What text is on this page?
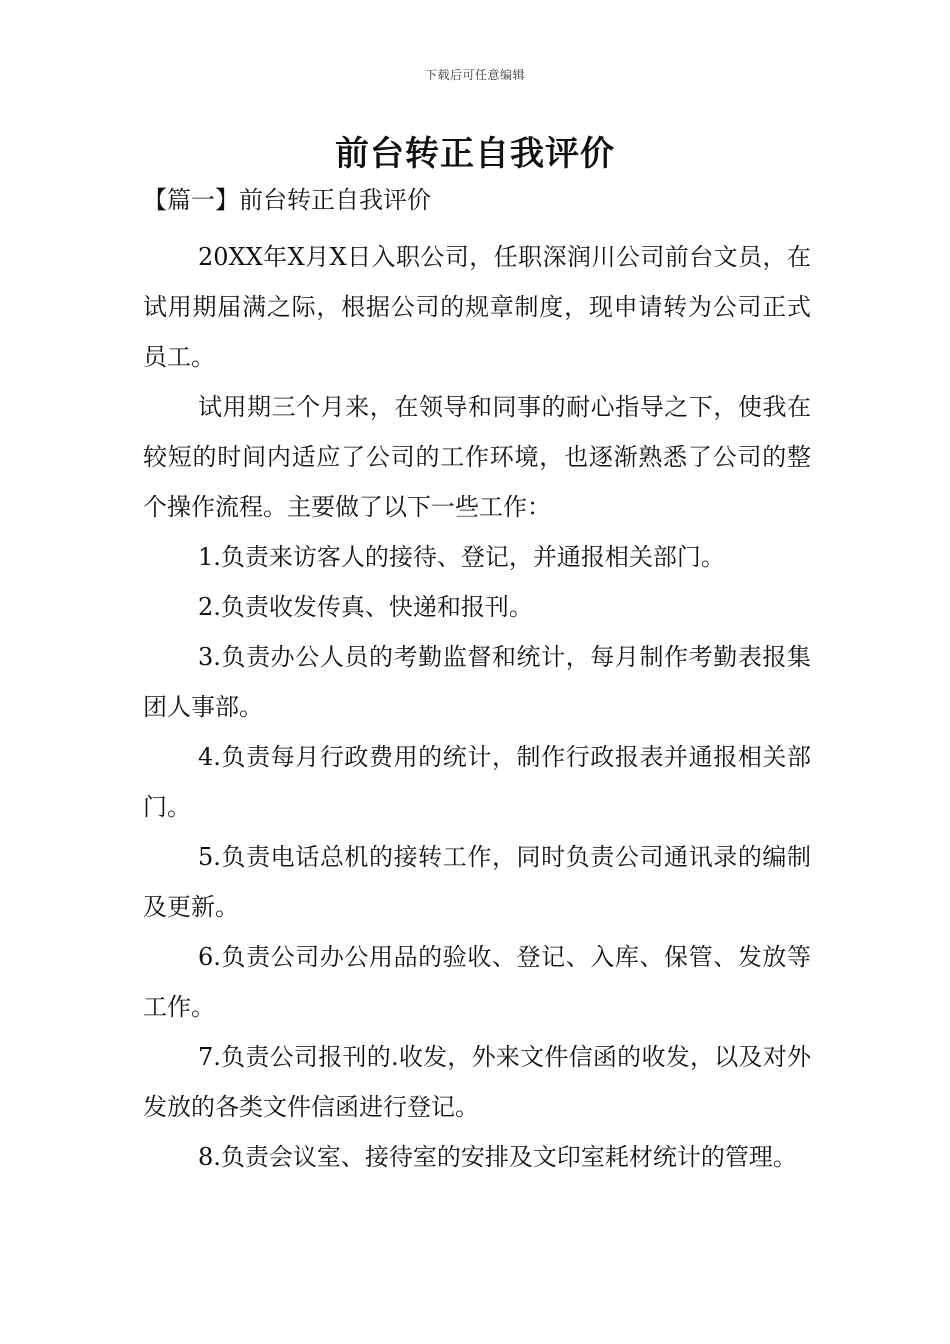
下载后可任意编辑
前台转正自我评价
【篇一】前台转正自我评价

20XX年X月X日入职公司，任职深润川公司前台文员，在试用期届满之际，根据公司的规章制度，现申请转为公司正式员工。

试用期三个月来，在领导和同事的耐心指导之下，使我在较短的时间内适应了公司的工作环境，也逐渐熟悉了公司的整个操作流程。主要做了以下一些工作：

1.负责来访客人的接待、登记，并通报相关部门。

2.负责收发传真、快递和报刊。

3.负责办公人员的考勤监督和统计，每月制作考勤表报集团人事部。

4.负责每月行政费用的统计，制作行政报表并通报相关部门。

5.负责电话总机的接转工作，同时负责公司通讯录的编制及更新。

6.负责公司办公用品的验收、登记、入库、保管、发放等工作。

7.负责公司报刊的.收发，外来文件信函的收发，以及对外发放的各类文件信函进行登记。

8.负责会议室、接待室的安排及文印室耗材统计的管理。
